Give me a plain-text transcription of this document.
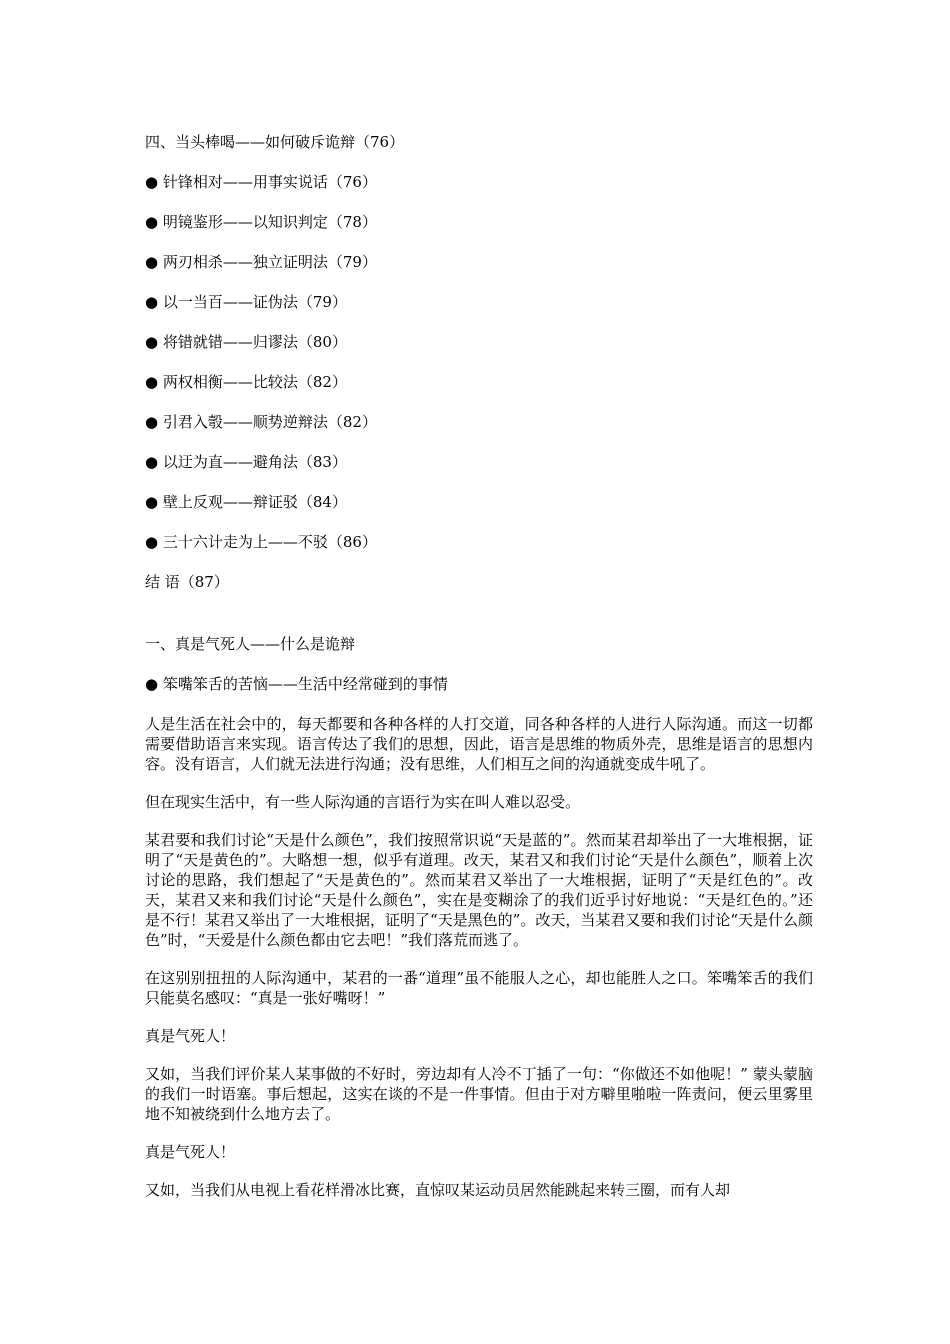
四、当头棒喝——如何破斥诡辩（76）
● 针锋相对——用事实说话（76）
● 明镜鉴形——以知识判定（78）
● 两刃相杀——独立证明法（79）
● 以一当百——证伪法（79）
● 将错就错——归谬法（80）
● 两权相衡——比较法（82）
● 引君入彀——顺势逆辩法（82）
● 以迂为直——避角法（83）
● 壁上反观——辩证驳（84）
● 三十六计走为上——不驳（86）
结 语（87）
一、真是气死人——什么是诡辩
● 笨嘴笨舌的苦恼——生活中经常碰到的事情

人是生活在社会中的，每天都要和各种各样的人打交道，同各种各样的人进行人际沟通。而这一切都需要借助语言来实现。语言传达了我们的思想，因此，语言是思维的物质外壳，思维是语言的思想内容。没有语言，人们就无法进行沟通；没有思维，人们相互之间的沟通就变成牛吼了。

但在现实生活中，有一些人际沟通的言语行为实在叫人难以忍受。

某君要和我们讨论“天是什么颜色”，我们按照常识说“天是蓝的”。然而某君却举出了一大堆根据，证明了“天是黄色的”。大略想一想，似乎有道理。改天，某君又和我们讨论“天是什么颜色”，顺着上次讨论的思路，我们想起了“天是黄色的”。然而某君又举出了一大堆根据，证明了“天是红色的”。改天，某君又来和我们讨论“天是什么颜色”，实在是变糊涂了的我们近乎讨好地说：“天是红色的。”还是不行！某君又举出了一大堆根据，证明了“天是黑色的”。改天，当某君又要和我们讨论“天是什么颜色”时，“天爱是什么颜色都由它去吧！”我们落荒而逃了。

在这别别扭扭的人际沟通中，某君的一番“道理”虽不能服人之心，却也能胜人之口。笨嘴笨舌的我们只能莫名感叹：“真是一张好嘴呀！”

真是气死人！

又如，当我们评价某人某事做的不好时，旁边却有人冷不丁插了一句：“你做还不如他呢！” 蒙头蒙脑的我们一时语塞。事后想起，这实在谈的不是一件事情。但由于对方噼里啪啦一阵责问，便云里雾里地不知被绕到什么地方去了。

真是气死人！

又如，当我们从电视上看花样滑冰比赛，直惊叹某运动员居然能跳起来转三圈，而有人却
